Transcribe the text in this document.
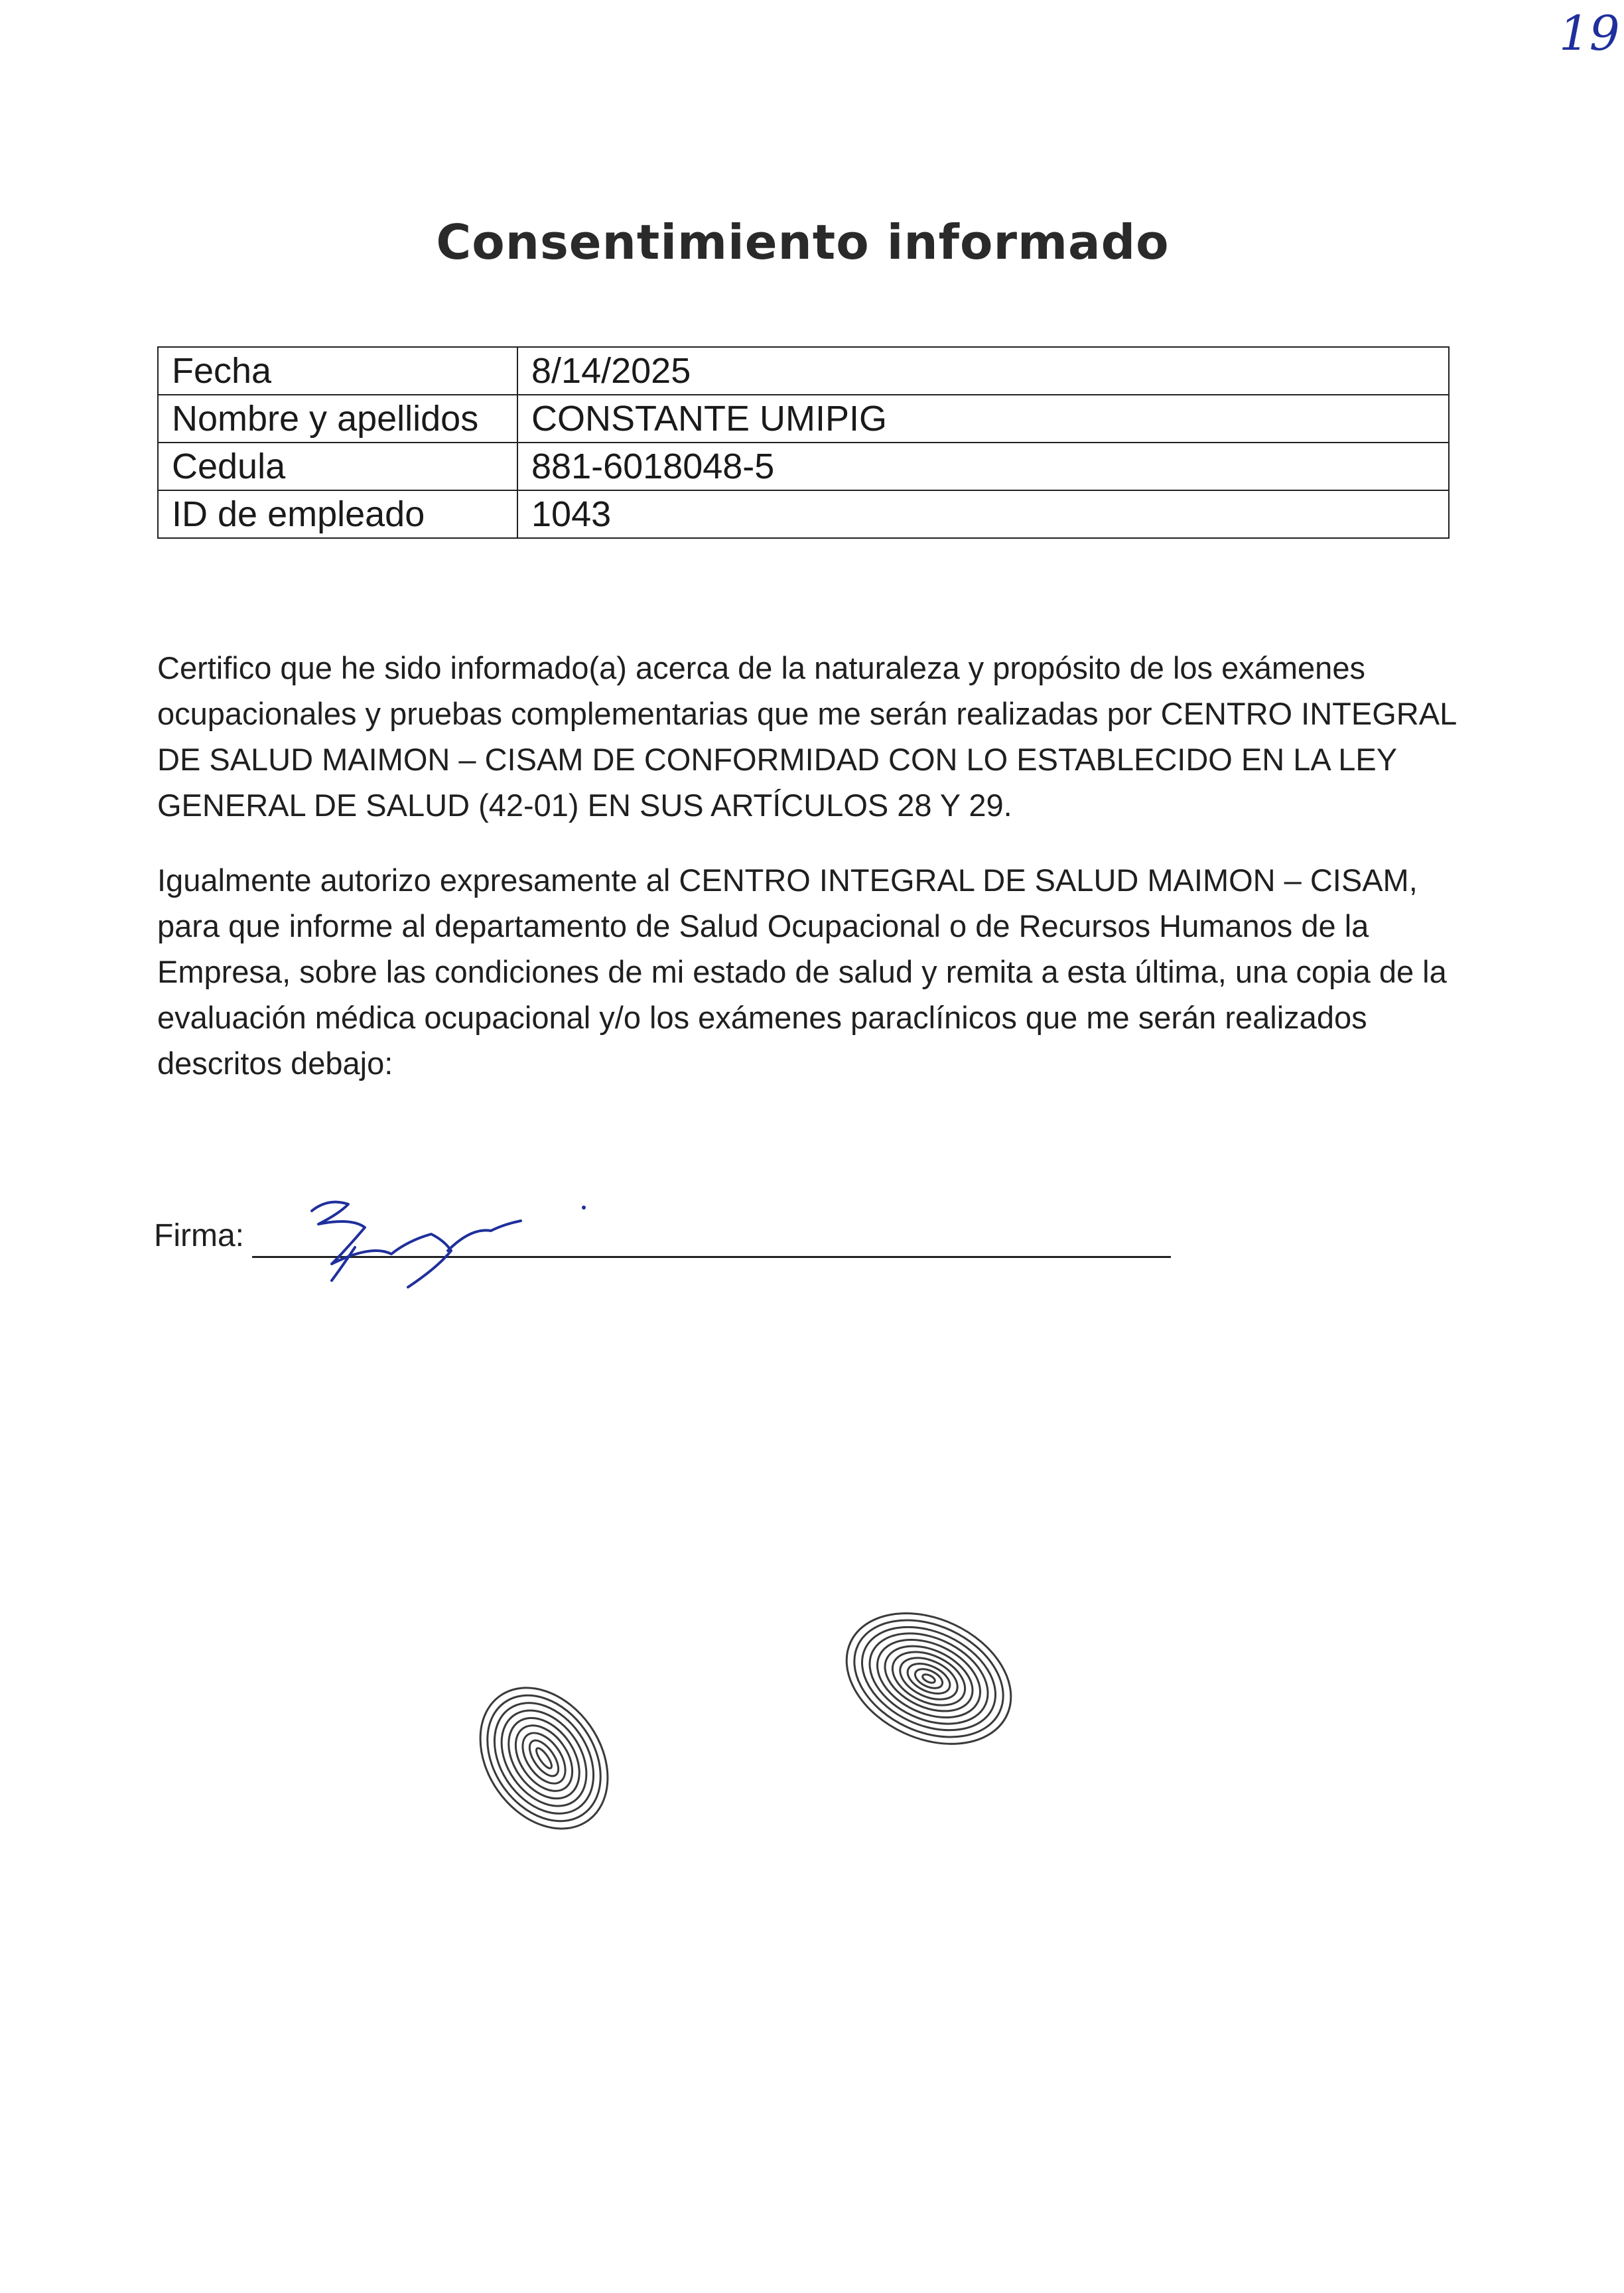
19
Consentimiento informado
Fecha	8/14/2025
Nombre y apellidos	CONSTANTE UMIPIG
Cedula	881-6018048-5
ID de empleado	1043

Certifico que he sido informado(a) acerca de la naturaleza y propósito de los exámenes ocupacionales y pruebas complementarias que me serán realizadas por CENTRO INTEGRAL DE SALUD MAIMON – CISAM DE CONFORMIDAD CON LO ESTABLECIDO EN LA LEY GENERAL DE SALUD (42-01) EN SUS ARTÍCULOS 28 Y 29.

Igualmente autorizo expresamente al CENTRO INTEGRAL DE SALUD MAIMON – CISAM, para que informe al departamento de Salud Ocupacional o de Recursos Humanos de la Empresa, sobre las condiciones de mi estado de salud y remita a esta última, una copia de la evaluación médica ocupacional y/o los exámenes paraclínicos que me serán realizados descritos debajo:

Firma:
